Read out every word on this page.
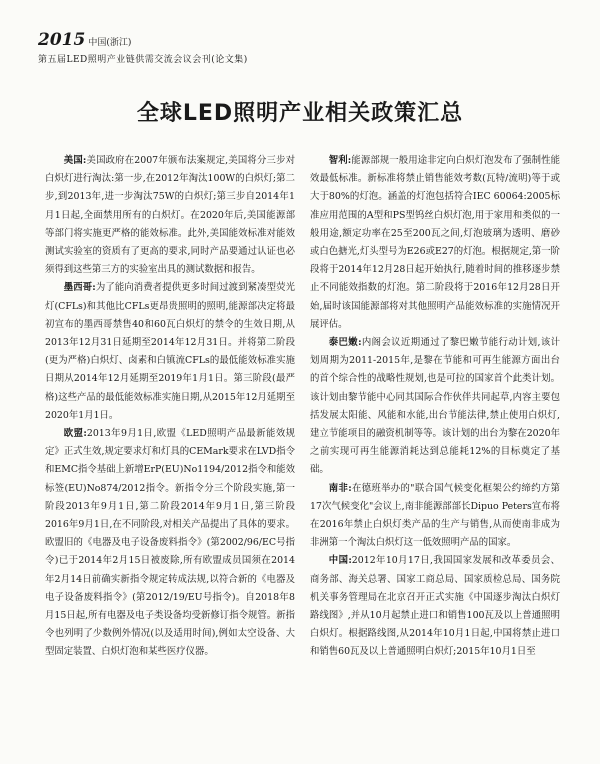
2015 中国(浙江)
第五届LED照明产业链供需交流会议会刊(论文集)
全球LED照明产业相关政策汇总

美国:美国政府在2007年颁布法案规定,美国将分三步对白炽灯进行淘汰:第一步,在2012年淘汰100W的白炽灯;第二步,到2013年,进一步淘汰75W的白炽灯;第三步自2014年1月1日起,全面禁用所有的白炽灯。在2020年后,美国能源部等部门将实施更严格的能效标准。此外,美国能效标准对能效测试实验室的资质有了更高的要求,同时产品要通过认证也必须得到这些第三方的实验室出具的测试数据和报告。

墨西哥:为了能向消费者提供更多时间过渡到紧凑型荧光灯(CFLs)和其他比CFLs更昂贵照明的照明,能源部决定将最初宣布的墨西哥禁售40和60瓦白炽灯的禁令的生效日期,从2013年12月31日延期至2014年12月31日。并将第二阶段(更为严格)白炽灯、卤素和白镇流CFLs的最低能效标准实施日期从2014年12月延期至2019年1月1日。第三阶段(最严格)这些产品的最低能效标准实施日期,从2015年12月延期至2020年1月1日。

欧盟:2013年9月1日,欧盟《LED照明产品最新能效规定》正式生效,规定要求灯和灯具的CEMark要求在LVD指令和EMC指令基础上新增ErP(EU)No1194/2012指令和能效标签(EU)No874/2012指令。新指令分三个阶段实施,第一阶段2013年9月1日,第二阶段2014年9月1日,第三阶段2016年9月1日,在不同阶段,对相关产品提出了具体的要求。欧盟旧的《电器及电子设备废料指令》(第2002/96/EC号指令)已于2014年2月15日被废除,所有欧盟成员国须在2014年2月14日前确实新指令规定转成法规,以符合新的《电器及电子设备废料指令》(第2012/19/EU号指令)。自2018年8月15日起,所有电器及电子类设备均受新修订指令规管。新指令也列明了少数例外情况(以及适用时间),例如太空设备、大型固定装置、白炽灯泡和某些医疗仪器。

智利:能源部规一般用途非定向白炽灯泡发布了强制性能效最低标准。新标准将禁止销售能效考数(瓦特/流明)等于或大于80%的灯泡。涵盖的灯泡包括符合IEC 60064:2005标准应用范围的A型和PS型钨丝白炽灯泡,用于家用和类似的一般用途,额定功率在25至200瓦之间,灯泡玻璃为透明、磨砂或白色搪光,灯头型号为E26或E27的灯泡。根据规定,第一阶段将于2014年12月28日起开始执行,随着时间的推移逐步禁止不同能效指数的灯泡。第二阶段将于2016年12月28日开始,届时该国能源部将对其他照明产品能效标准的实施情况开展评估。

泰巴嫩:内阁会议近期通过了黎巴嫩节能行动计划,该计划周期为2011-2015年,是黎在节能和可再生能源方面出台的首个综合性的战略性规划,也是可拉的国家首个此类计划。该计划由黎节能中心同其国际合作伙伴共同起草,内容主要包括发展太阳能、风能和水能,出台节能法律,禁止使用白炽灯,建立节能项目的融资机制等等。该计划的出台为黎在2020年之前实现可再生能源消耗达到总能耗12%的目标奠定了基础。

南非:在德班举办的"联合国气候变化框架公约缔约方第17次气候变化"会议上,南非能源部部长Dipuo Peters宣布将在2016年禁止白炽灯类产品的生产与销售,从而使南非成为非洲第一个淘汰白炽灯这一低效照明产品的国家。

中国:2012年10月17日,我国国家发展和改革委员会、商务部、海关总署、国家工商总局、国家质检总局、国务院机关事务管理局在北京召开正式实施《中国逐步淘汰白炽灯路线图》,并从10月起禁止进口和销售100瓦及以上普通照明白炽灯。根据路线图,从2014年10月1日起,中国将禁止进口和销售60瓦及以上普通照明白炽灯;2015年10月1日至
